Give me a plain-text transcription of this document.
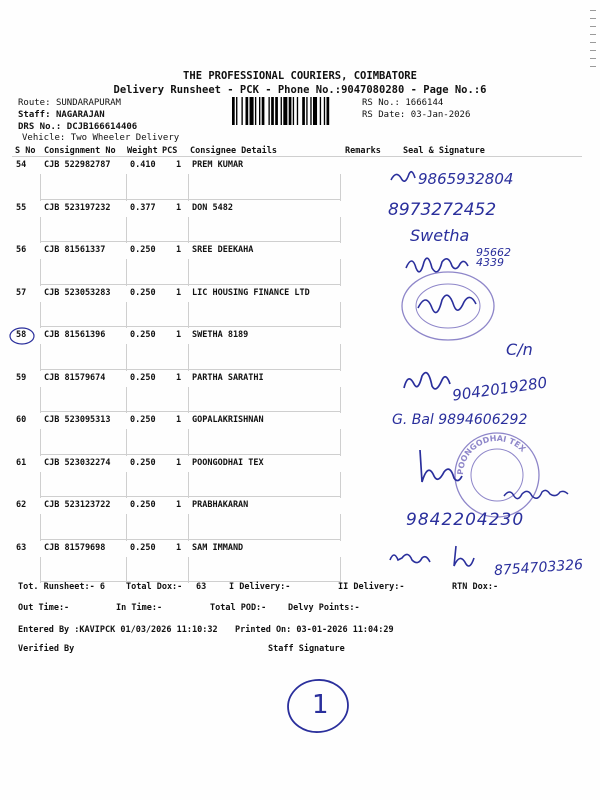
THE PROFESSIONAL COURIERS, COIMBATORE
Delivery Runsheet - PCK - Phone No.:9047080280 - Page No.:6
Route: SUNDARAPURAM
Staff: NAGARAJAN
DRS No.: DCJB166614406
Vehicle: Two Wheeler Delivery
RS No.: 1666144
RS Date: 03-Jan-2026
S No Consignment No Weight PCS Consignee Details	Remarks	Seal & Signature
54 CJB 522982787 0.410 1 PREM KUMAR
55 CJB 523197232 0.377 1 DON 5482
56 CJB 81561337	0.250 1 SREE DEEKAHA
57 CJB 523053283 0.250 1 LIC HOUSING FINANCE LTD
58 CJB 81561396	0.250 1 SWETHA 8189
59 CJB 81579674	0.250 1 PARTHA SARATHI
60 CJB 523095313 0.250 1 GOPALAKRISHNAN
61 CJB 523032274 0.250 1 POONGODHAI TEX
62 CJB 523123722 0.250 1 PRABHAKARAN
63 CJB 81579698	0.250 1 SAM IMMAND
9865932804
8973272452
Swetha
95662 4339
C/n
9042019280
G. Bal 9894606292
POONGODHAI TEX
9842204230
8754703326
Tot. Runsheet:- 6 Total Dox:- 63	I Delivery:-	II Delivery:-	RTN Dox:-
Out Time:-	In Time:-	Total POD:-	Delvy Points:-
Entered By :KAVIPCK 01/03/2026 11:10:32 Printed On: 03-01-2026 11:04:29
Verified By	Staff Signature
1
